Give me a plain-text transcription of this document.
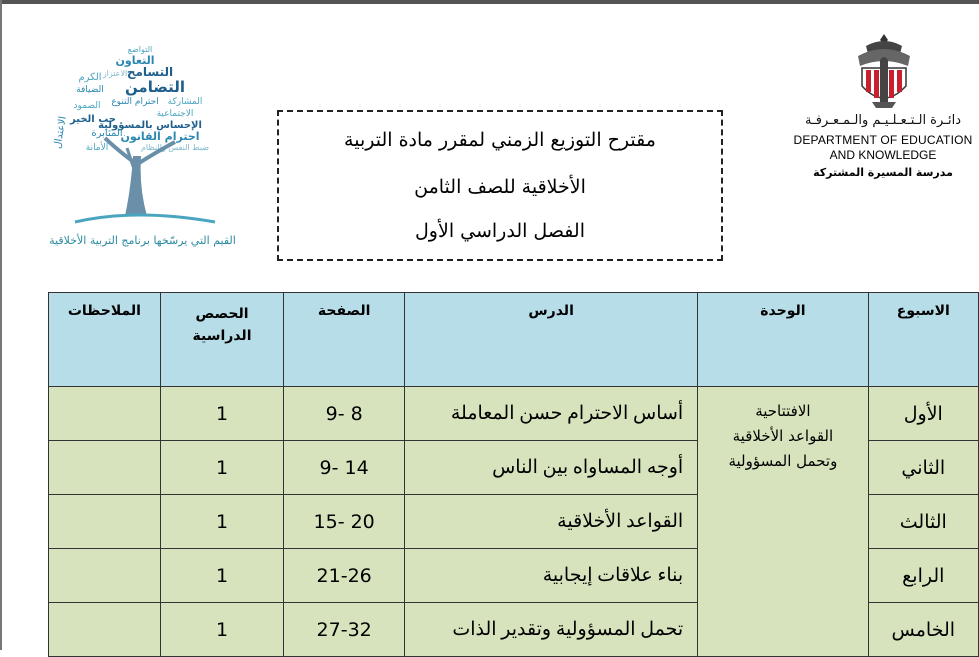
دائـرة الـتـعـلـيـم والـمـعـرفـة
DEPARTMENT OF EDUCATION
AND KNOWLEDGE
مدرسة المسيرة المشتركة
التواضع
التعاون
التسامح
الكرم الاعتزاز
التضامن
الضيافة
المشاركة
احترام التنوع
الاجتماعية
الإحساس بالمسؤولية
احترام القانون
الاعتدال
الصمود
حب الخير
المثابرة
الأمانة	ضبط النفس والنظام
القيم التي يرسّخها برنامج التربية الأخلاقية
مقترح التوزيع الزمني لمقرر مادة التربية
الأخلاقية للصف الثامن
الفصل الدراسي الأول
الاسبوع	الوحدة	الدرس	الصفحة	الحصص الدراسية	الملاحظات
الأول	الافتتاحية
القواعد الأخلاقية
وتحمل المسؤولية	أساس الاحترام حسن المعاملة	8 -9	1	
الثاني		أوجه المساواه بين الناس	14 -9	1	
الثالث		القواعد الأخلاقية	20 -15	1	
الرابع		بناء علاقات إيجابية	21-26	1	
الخامس		تحمل المسؤولية وتقدير الذات	27-32	1	
